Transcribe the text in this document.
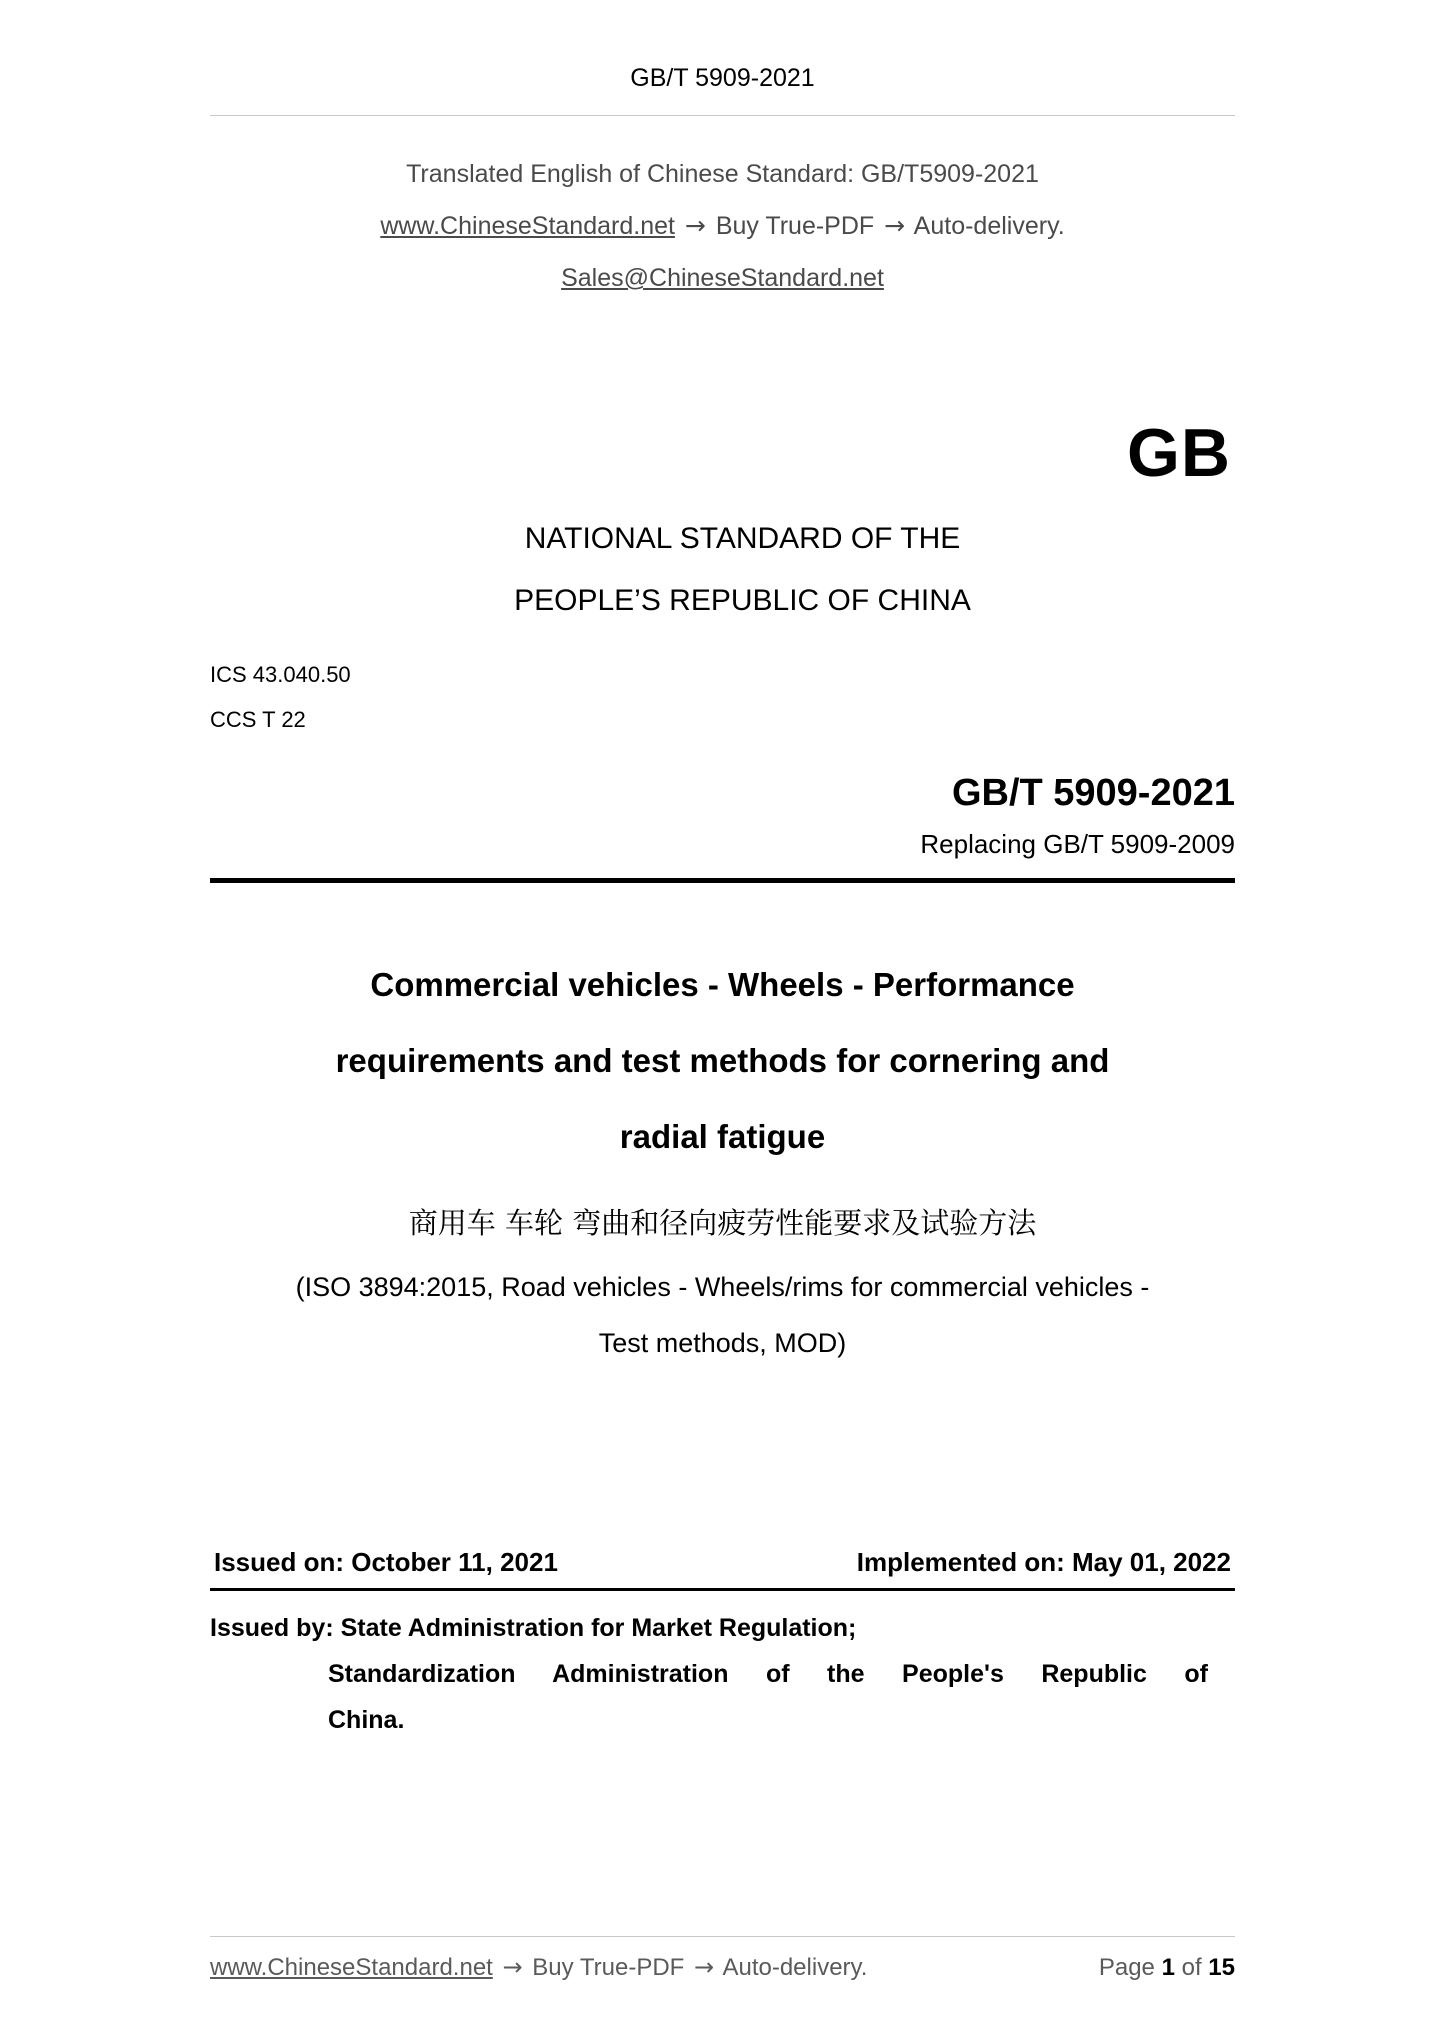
GB/T 5909-2021
Translated English of Chinese Standard: GB/T5909-2021
www.ChineseStandard.net → Buy True-PDF → Auto-delivery.
Sales@ChineseStandard.net
GB
NATIONAL STANDARD OF THE
PEOPLE’S REPUBLIC OF CHINA
ICS 43.040.50
CCS T 22
GB/T 5909-2021
Replacing GB/T 5909-2009
Commercial vehicles - Wheels - Performance
requirements and test methods for cornering and
radial fatigue
商用车 车轮 弯曲和径向疲劳性能要求及试验方法
(ISO 3894:2015, Road vehicles - Wheels/rims for commercial vehicles -
Test methods, MOD)
Issued on: October 11, 2021	Implemented on: May 01, 2022
Issued by: State Administration for Market Regulation;
Standardization Administration of the People's Republic of
China.
www.ChineseStandard.net → Buy True-PDF → Auto-delivery.	Page 1 of 15
